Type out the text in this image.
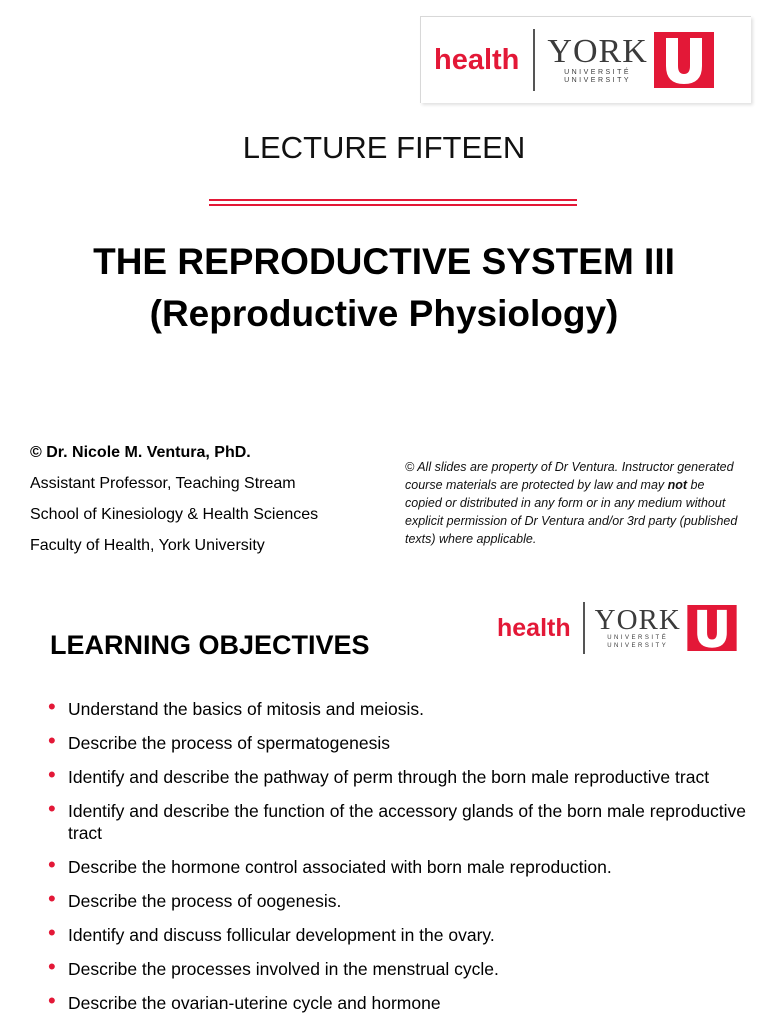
health YORK
UNIVERSITÉ
UNIVERSITY
LECTURE FIFTEEN
THE REPRODUCTIVE SYSTEM III
(Reproductive Physiology)
© Dr. Nicole M. Ventura, PhD.
Assistant Professor, Teaching Stream
School of Kinesiology & Health Sciences
Faculty of Health, York University
© All slides are property of Dr Ventura. Instructor generated course materials are protected by law and may not be copied or distributed in any form or in any medium without explicit permission of Dr Ventura and/or 3rd party (published texts) where applicable.
health YORK
UNIVERSITÉ
UNIVERSITY
LEARNING OBJECTIVES
• Understand the basics of mitosis and meiosis.
• Describe the process of spermatogenesis
• Identify and describe the pathway of perm through the born male reproductive tract
• Identify and describe the function of the accessory glands of the born male reproductive tract
• Describe the hormone control associated with born male reproduction.
• Describe the process of oogenesis.
• Identify and discuss follicular development in the ovary.
• Describe the processes involved in the menstrual cycle.
• Describe the ovarian-uterine cycle and hormone
